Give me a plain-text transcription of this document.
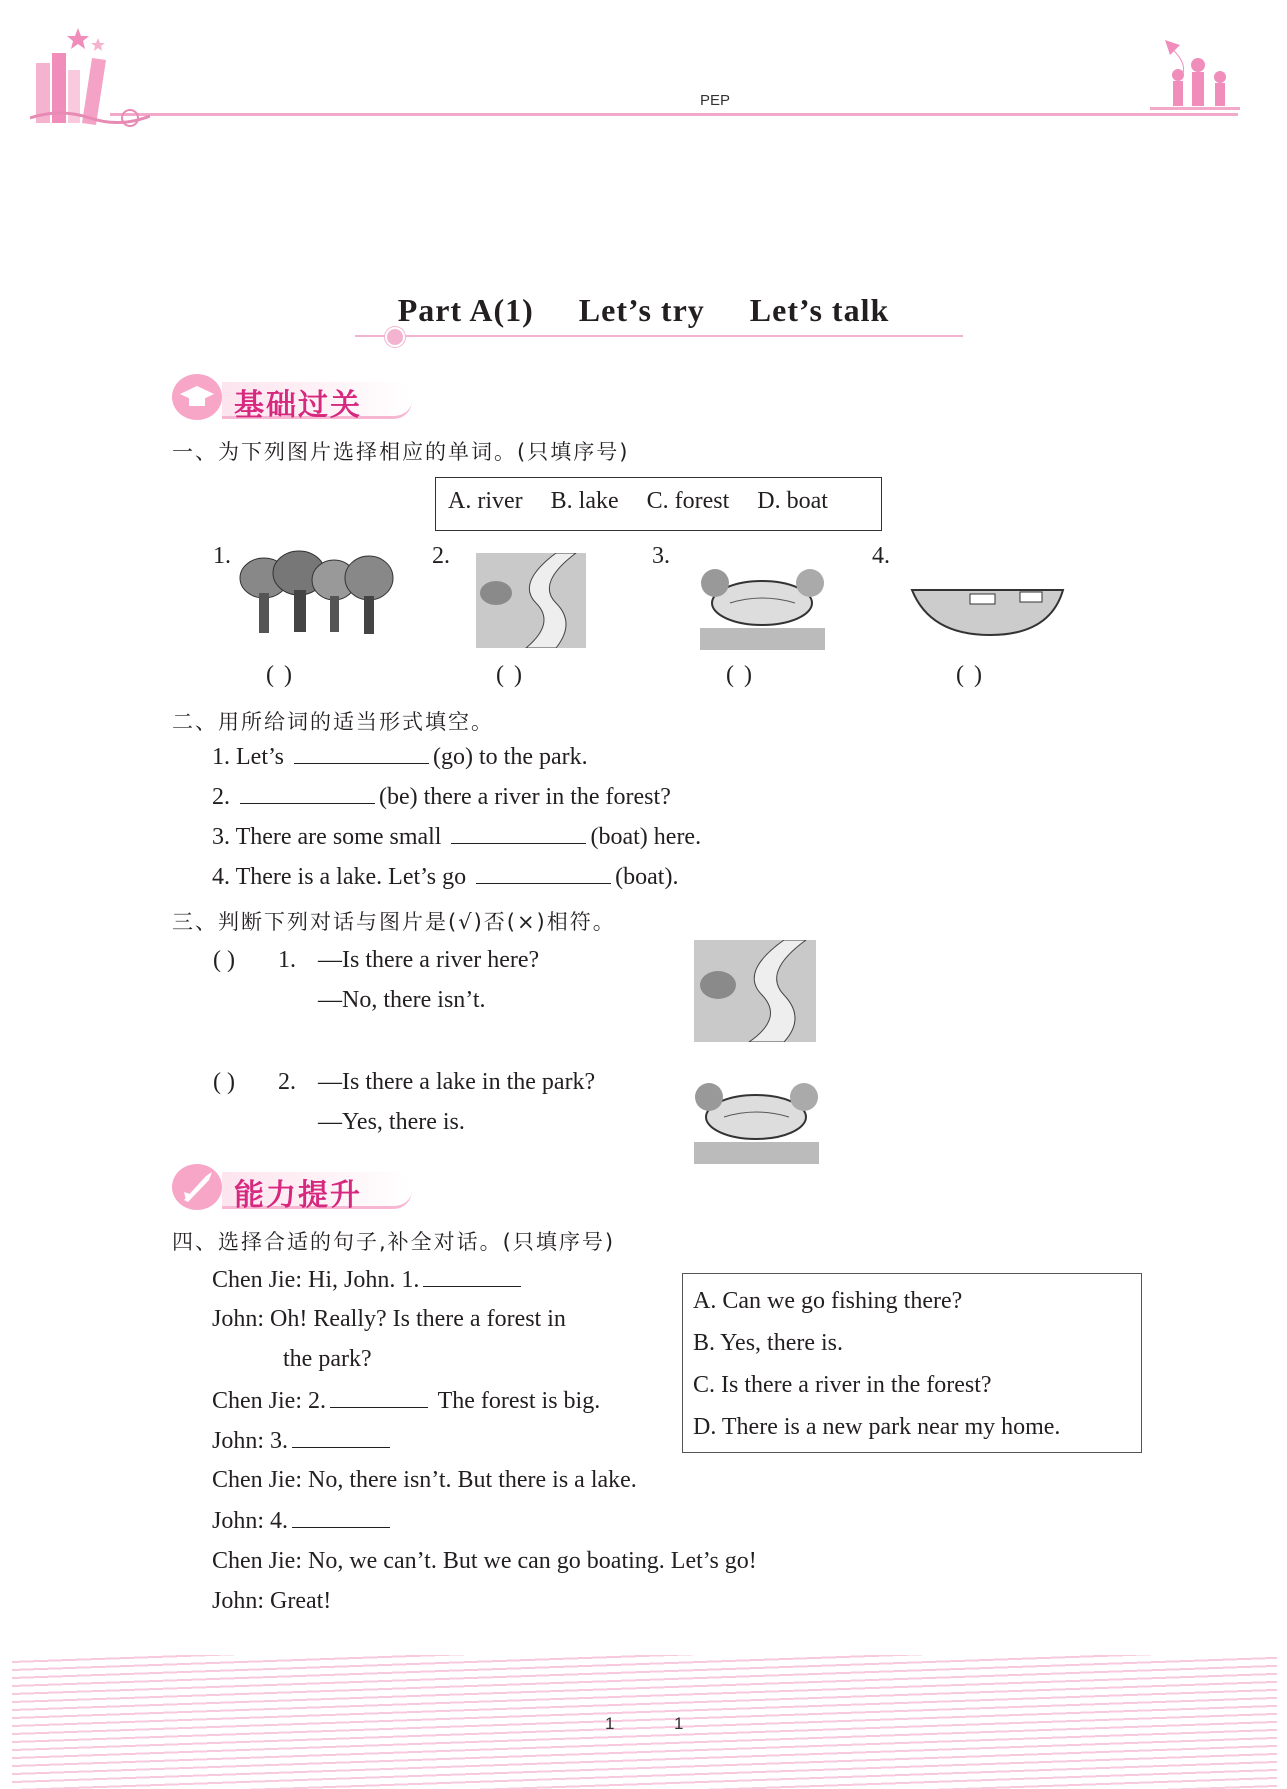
PEP
Part A(1) Let’s try Let’s talk
基础过关
一、为下列图片选择相应的单词。(只填序号)
A. river B. lake C. forest D. boat
1.
( )
2.
( )
3.
( )
4.
( )
二、用所给词的适当形式填空。
1. Let’s	(go) to the park.
2.	(be) there a river in the forest?
3. There are some small	(boat) here.
4. There is a lake. Let’s go	(boat).
三、判断下列对话与图片是(√)否(×)相符。
( ) 1. —Is there a river here?
—No, there isn’t.
( ) 2. —Is there a lake in the park?
—Yes, there is.
能力提升
四、选择合适的句子,补全对话。(只填序号)
Chen Jie: Hi, John. 1.
John: Oh! Really? Is there a forest in
the park?
Chen Jie: 2.	The forest is big.
John: 3.
Chen Jie: No, there isn’t. But there is a lake.
John: 4.
Chen Jie: No, we can’t. But we can go boating. Let’s go!
John: Great!
A. Can we go fishing there?
B. Yes, there is.
C. Is there a river in the forest?
D. There is a new park near my home.
1	1
